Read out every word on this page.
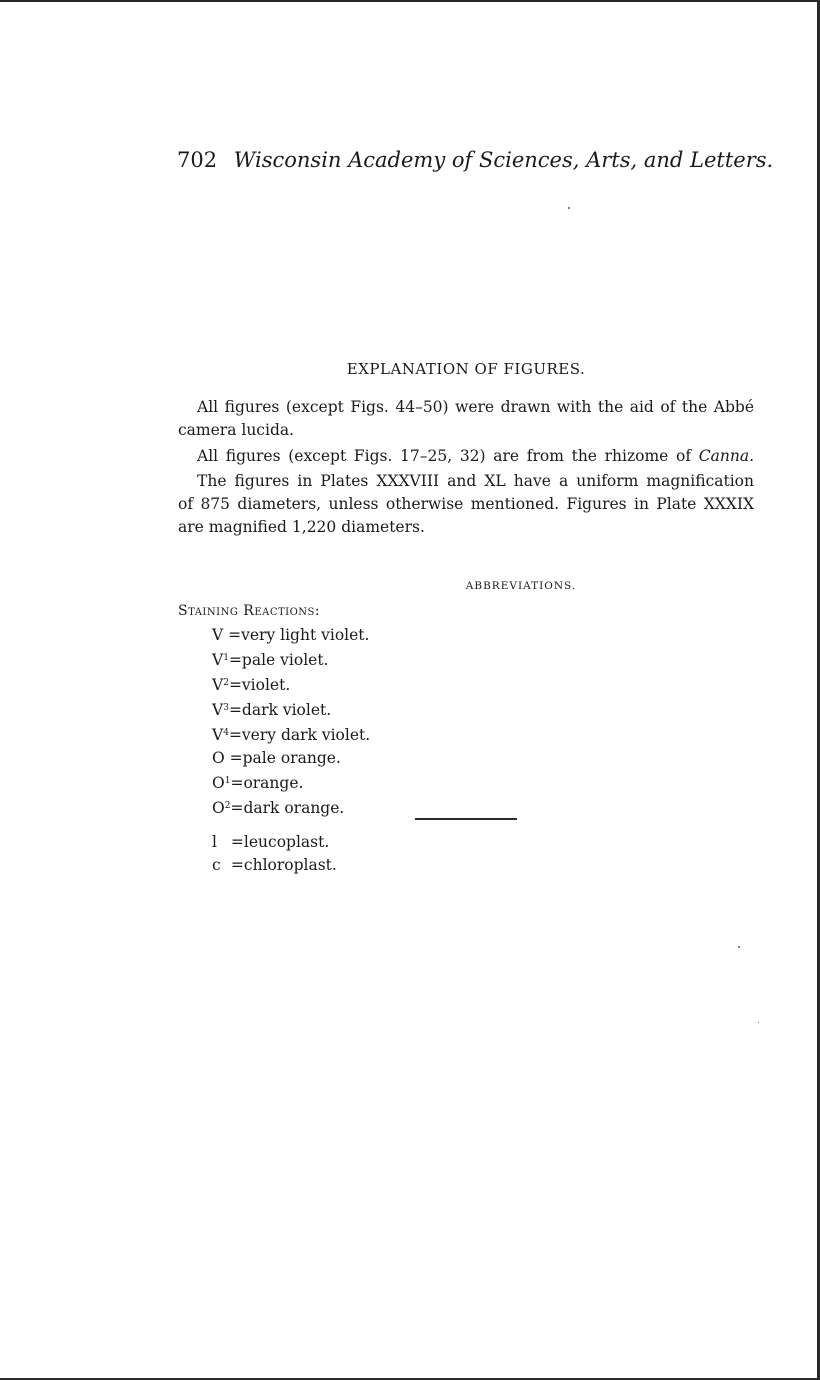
702 Wisconsin Academy of Sciences, Arts, and Letters.
EXPLANATION OF FIGURES.
All figures (except Figs. 44–50) were drawn with the aid of the Abbé
camera lucida.
All figures (except Figs. 17–25, 32) are from the rhizome of Canna.
The figures in Plates XXXVIII and XL have a uniform magnification
of 875 diameters, unless otherwise mentioned. Figures in Plate XXXIX
are magnified 1,220 diameters.
ABBREVIATIONS.
Staining Reactions:
V =very light violet.
$V^1=pale$ violet.
$V^2=violet$.
$V^3=dark$ violet.
$V^4=very$ dark violet.
O =pale orange.
$O^1=orange$.
$O^2=dark$ orange.
l =leucoplast.
c =chloroplast.
